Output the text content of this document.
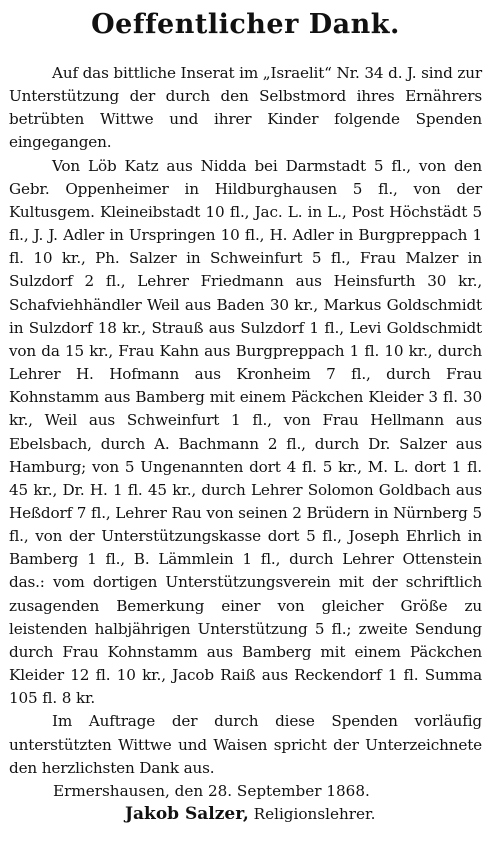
Oeffentlicher Dank.

Auf das bittliche Inserat im „Israelit“ Nr. 34 d. J. sind zur Unterstützung der durch den Selbstmord ihres Ernährers betrübten Wittwe und ihrer Kinder folgende Spenden eingegangen.

Von Löb Katz aus Nidda bei Darmstadt 5 fl., von den Gebr. Oppenheimer in Hildburghausen 5 fl., von der Kultusgem. Kleineibstadt 10 fl., Jac. L. in L., Post Höchstädt 5 fl., J. J. Adler in Urspringen 10 fl., H. Adler in Burgpreppach 1 fl. 10 kr., Ph. Salzer in Schweinfurt 5 fl., Frau Malzer in Sulzdorf 2 fl., Lehrer Friedmann aus Heinsfurth 30 kr., Schafviehhändler Weil aus Baden 30 kr., Markus Goldschmidt in Sulzdorf 18 kr., Strauß aus Sulzdorf 1 fl., Levi Goldschmidt von da 15 kr., Frau Kahn aus Burgpreppach 1 fl. 10 kr., durch Lehrer H. Hofmann aus Kronheim 7 fl., durch Frau Kohnstamm aus Bamberg mit einem Päckchen Kleider 3 fl. 30 kr., Weil aus Schweinfurt 1 fl., von Frau Hellmann aus Ebelsbach, durch A. Bachmann 2 fl., durch Dr. Salzer aus Hamburg; von 5 Ungenannten dort 4 fl. 5 kr., M. L. dort 1 fl. 45 kr., Dr. H. 1 fl. 45 kr., durch Lehrer Solomon Goldbach aus Heßdorf 7 fl., Lehrer Rau von seinen 2 Brüdern in Nürnberg 5 fl., von der Unterstützungskasse dort 5 fl., Joseph Ehrlich in Bamberg 1 fl., B. Lämmlein 1 fl., durch Lehrer Ottenstein das.: vom dortigen Unterstützungsverein mit der schriftlich zusagenden Bemerkung einer von gleicher Größe zu leistenden halbjährigen Unterstützung 5 fl.; zweite Sendung durch Frau Kohnstamm aus Bamberg mit einem Päckchen Kleider 12 fl. 10 kr., Jacob Raiß aus Reckendorf 1 fl. Summa 105 fl. 8 kr.

Im Auftrage der durch diese Spenden vorläufig unterstützten Wittwe und Waisen spricht der Unterzeichnete den herzlichsten Dank aus.

Ermershausen, den 28. September 1868.
Jakob Salzer, Religionslehrer.
